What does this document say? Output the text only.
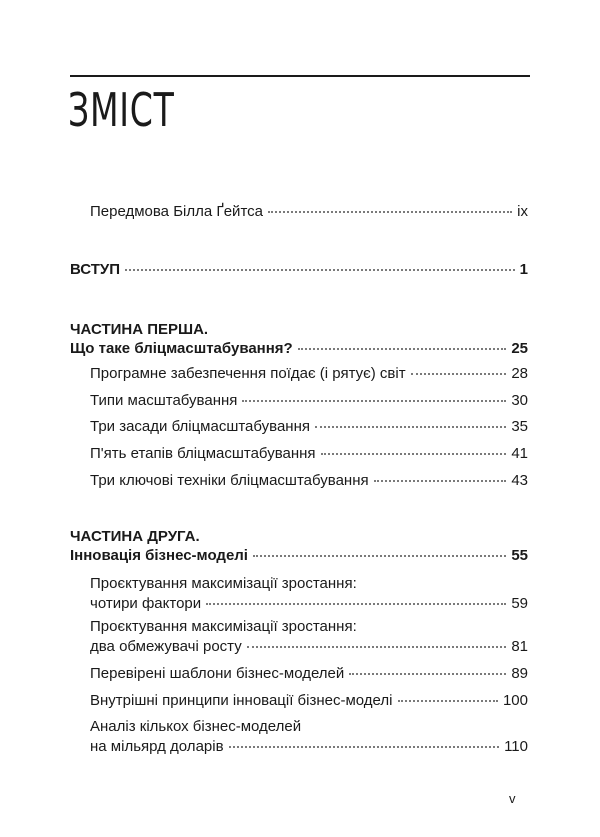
ЗМІСТ
Передмова Білла Ґейтса	ix
ВСТУП	1
ЧАСТИНА ПЕРША.
Що таке бліцмасштабування?	25
Програмне забезпечення поїдає (і рятує) світ	28
Типи масштабування	30
Три засади бліцмасштабування	35
П'ять етапів бліцмасштабування	41
Три ключові техніки бліцмасштабування	43
ЧАСТИНА ДРУГА.
Інновація бізнес-моделі	55
Проєктування максимізації зростання:
чотири фактори	59
Проєктування максимізації зростання:
два обмежувачі росту	81
Перевірені шаблони бізнес-моделей	89
Внутрішні принципи інновації бізнес-моделі	100
Аналіз кількох бізнес-моделей
на мільярд доларів	110
v
